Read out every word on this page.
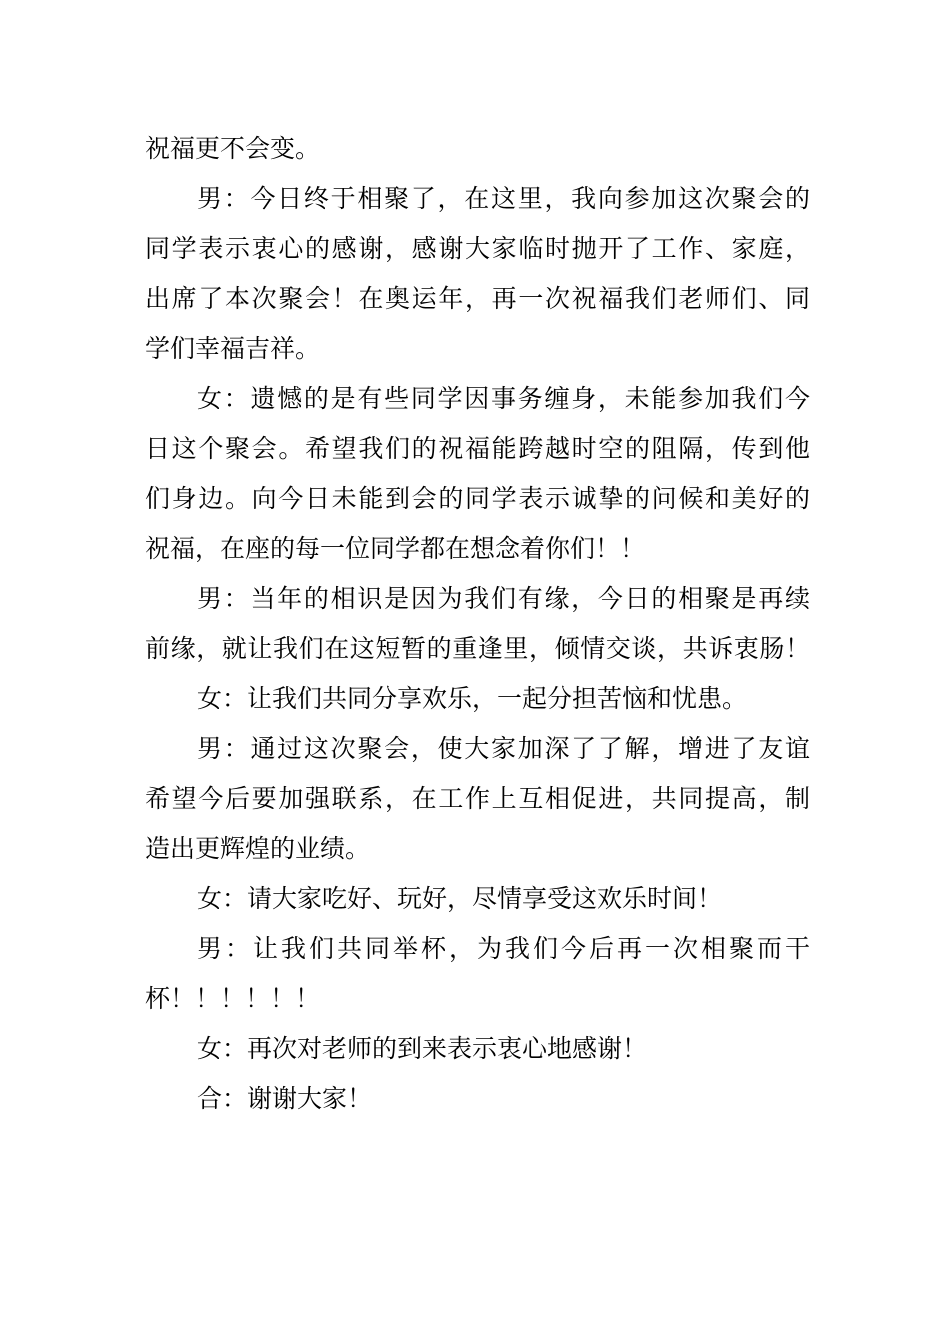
祝福更不会变。
男：今日终于相聚了，在这里，我向参加这次聚会的
同学表示衷心的感谢，感谢大家临时抛开了工作、家庭，
出席了本次聚会！在奥运年，再一次祝福我们老师们、同
学们幸福吉祥。
女：遗憾的是有些同学因事务缠身，未能参加我们今
日这个聚会。希望我们的祝福能跨越时空的阻隔，传到他
们身边。向今日未能到会的同学表示诚挚的问候和美好的
祝福，在座的每一位同学都在想念着你们！！
男：当年的相识是因为我们有缘，今日的相聚是再续
前缘，就让我们在这短暂的重逢里，倾情交谈，共诉衷肠！
女：让我们共同分享欢乐，一起分担苦恼和忧患。
男：通过这次聚会，使大家加深了了解，增进了友谊
希望今后要加强联系，在工作上互相促进，共同提高，制
造出更辉煌的业绩。
女：请大家吃好、玩好，尽情享受这欢乐时间！
男：让我们共同举杯，为我们今后再一次相聚而干
杯！！！！！！
女：再次对老师的到来表示衷心地感谢！
合：谢谢大家！
